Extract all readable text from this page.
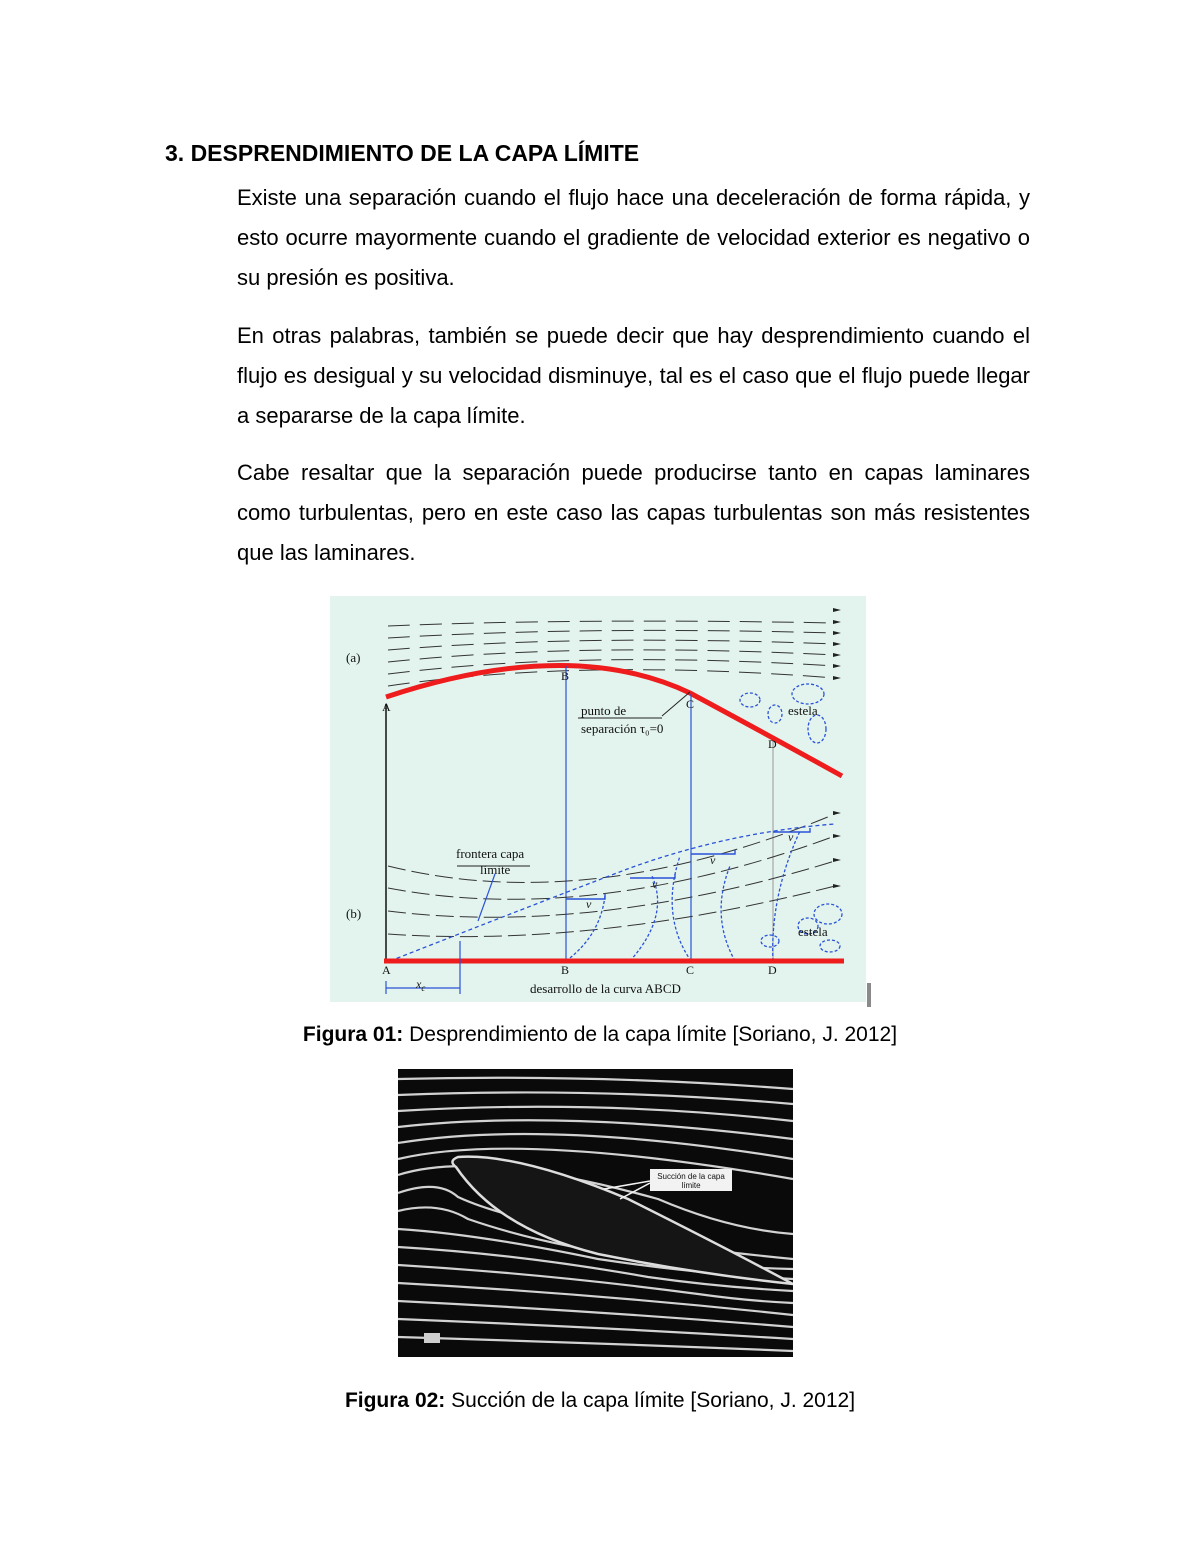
3. DESPRENDIMIENTO DE LA CAPA LÍMITE

Existe una separación cuando el flujo hace una deceleración de forma rápida, y esto ocurre mayormente cuando el gradiente de velocidad exterior es negativo o su presión es positiva.

En otras palabras, también se puede decir que hay desprendimiento cuando el flujo es desigual y su velocidad disminuye, tal es el caso que el flujo puede llegar a separarse de la capa límite.

Cabe resaltar que la separación puede producirse tanto en capas laminares como turbulentas, pero en este caso las capas turbulentas son más resistentes que las laminares.

(a)
(b)
A
B
C
D
punto de
separación τ₀=0
estela
frontera capa
límite
v
v
v
v
estela
A	B	C	D
$x_c$	desarrollo de la curva ABCD

Figura 01: Desprendimiento de la capa límite [Soriano, J. 2012]

Succión de la capa
límite

Figura 02: Succión de la capa límite [Soriano, J. 2012]
